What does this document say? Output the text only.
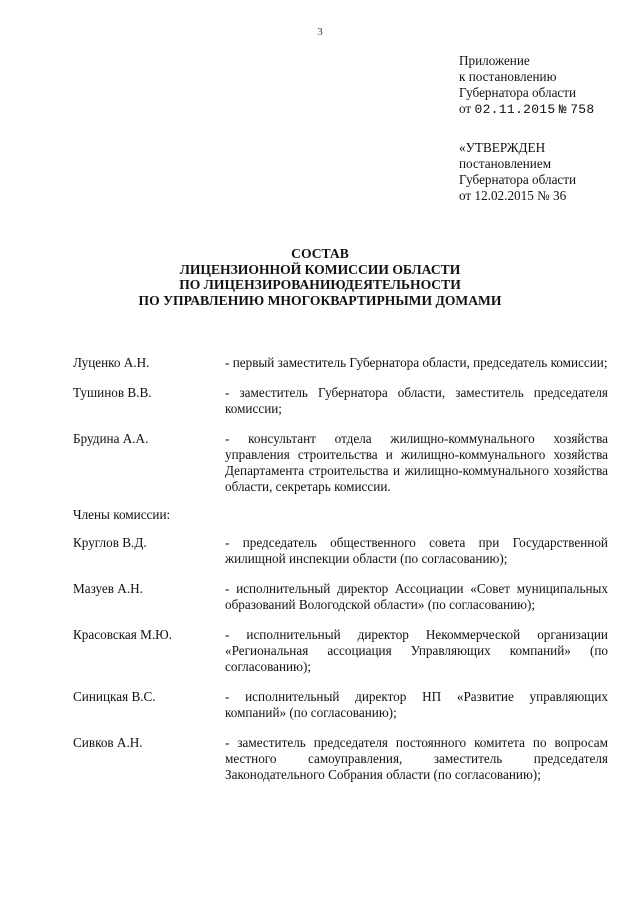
3
Приложение
к постановлению
Губернатора области
от 02.11.2015 № 758
«УТВЕРЖДЕН
постановлением
Губернатора области
от 12.02.2015 № 36
СОСТАВ
ЛИЦЕНЗИОННОЙ КОМИССИИ ОБЛАСТИ
ПО ЛИЦЕНЗИРОВАНИЮДЕЯТЕЛЬНОСТИ
ПО УПРАВЛЕНИЮ МНОГОКВАРТИРНЫМИ ДОМАМИ
Луценко А.Н.	- первый заместитель Губернатора области, председатель комиссии;
Тушинов В.В.	- заместитель Губернатора области, заместитель председателя комиссии;
Брудина А.А.	- консультант отдела жилищно-коммунального хозяйства управления строительства и жилищно-коммунального хозяйства Департамента строительства и жилищно-коммунального хозяйства области, секретарь комиссии.
Члены комиссии:
Круглов В.Д.	- председатель общественного совета при Государственной жилищной инспекции области (по согласованию);
Мазуев А.Н.	- исполнительный директор Ассоциации «Совет муниципальных образований Вологодской области» (по согласованию);
Красовская М.Ю.	- исполнительный директор Некоммерческой организации «Региональная ассоциация Управляющих компаний» (по согласованию);
Синицкая В.С.	- исполнительный директор НП «Развитие управляющих компаний» (по согласованию);
Сивков А.Н.	- заместитель председателя постоянного комитета по вопросам местного самоуправления, заместитель председателя Законодательного Собрания области (по согласованию);
